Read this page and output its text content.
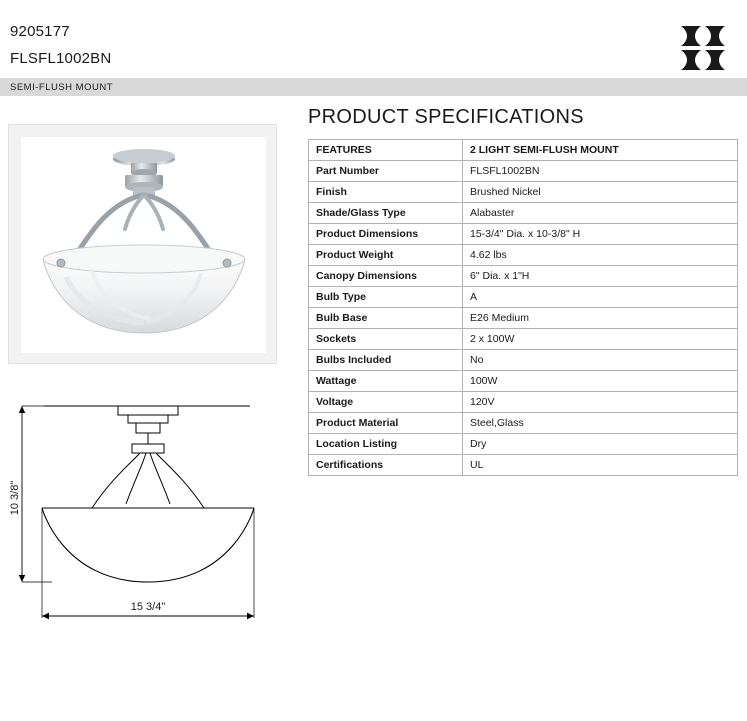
9205177
FLSFL1002BN
SEMI-FLUSH MOUNT
PRODUCT SPECIFICATIONS
FEATURES	2 LIGHT SEMI-FLUSH MOUNT
Part Number	FLSFL1002BN
Finish	Brushed Nickel
Shade/Glass Type	Alabaster
Product Dimensions	15-3/4" Dia. x 10-3/8" H
Product Weight	4.62 lbs
Canopy Dimensions	6" Dia. x 1"H
Bulb Type	A
Bulb Base	E26 Medium
Sockets	2 x 100W
Bulbs Included	No
Wattage	100W
Voltage	120V
Product Material	Steel,Glass
Location Listing	Dry
Certifications	UL
10 3/8"
15 3/4"
